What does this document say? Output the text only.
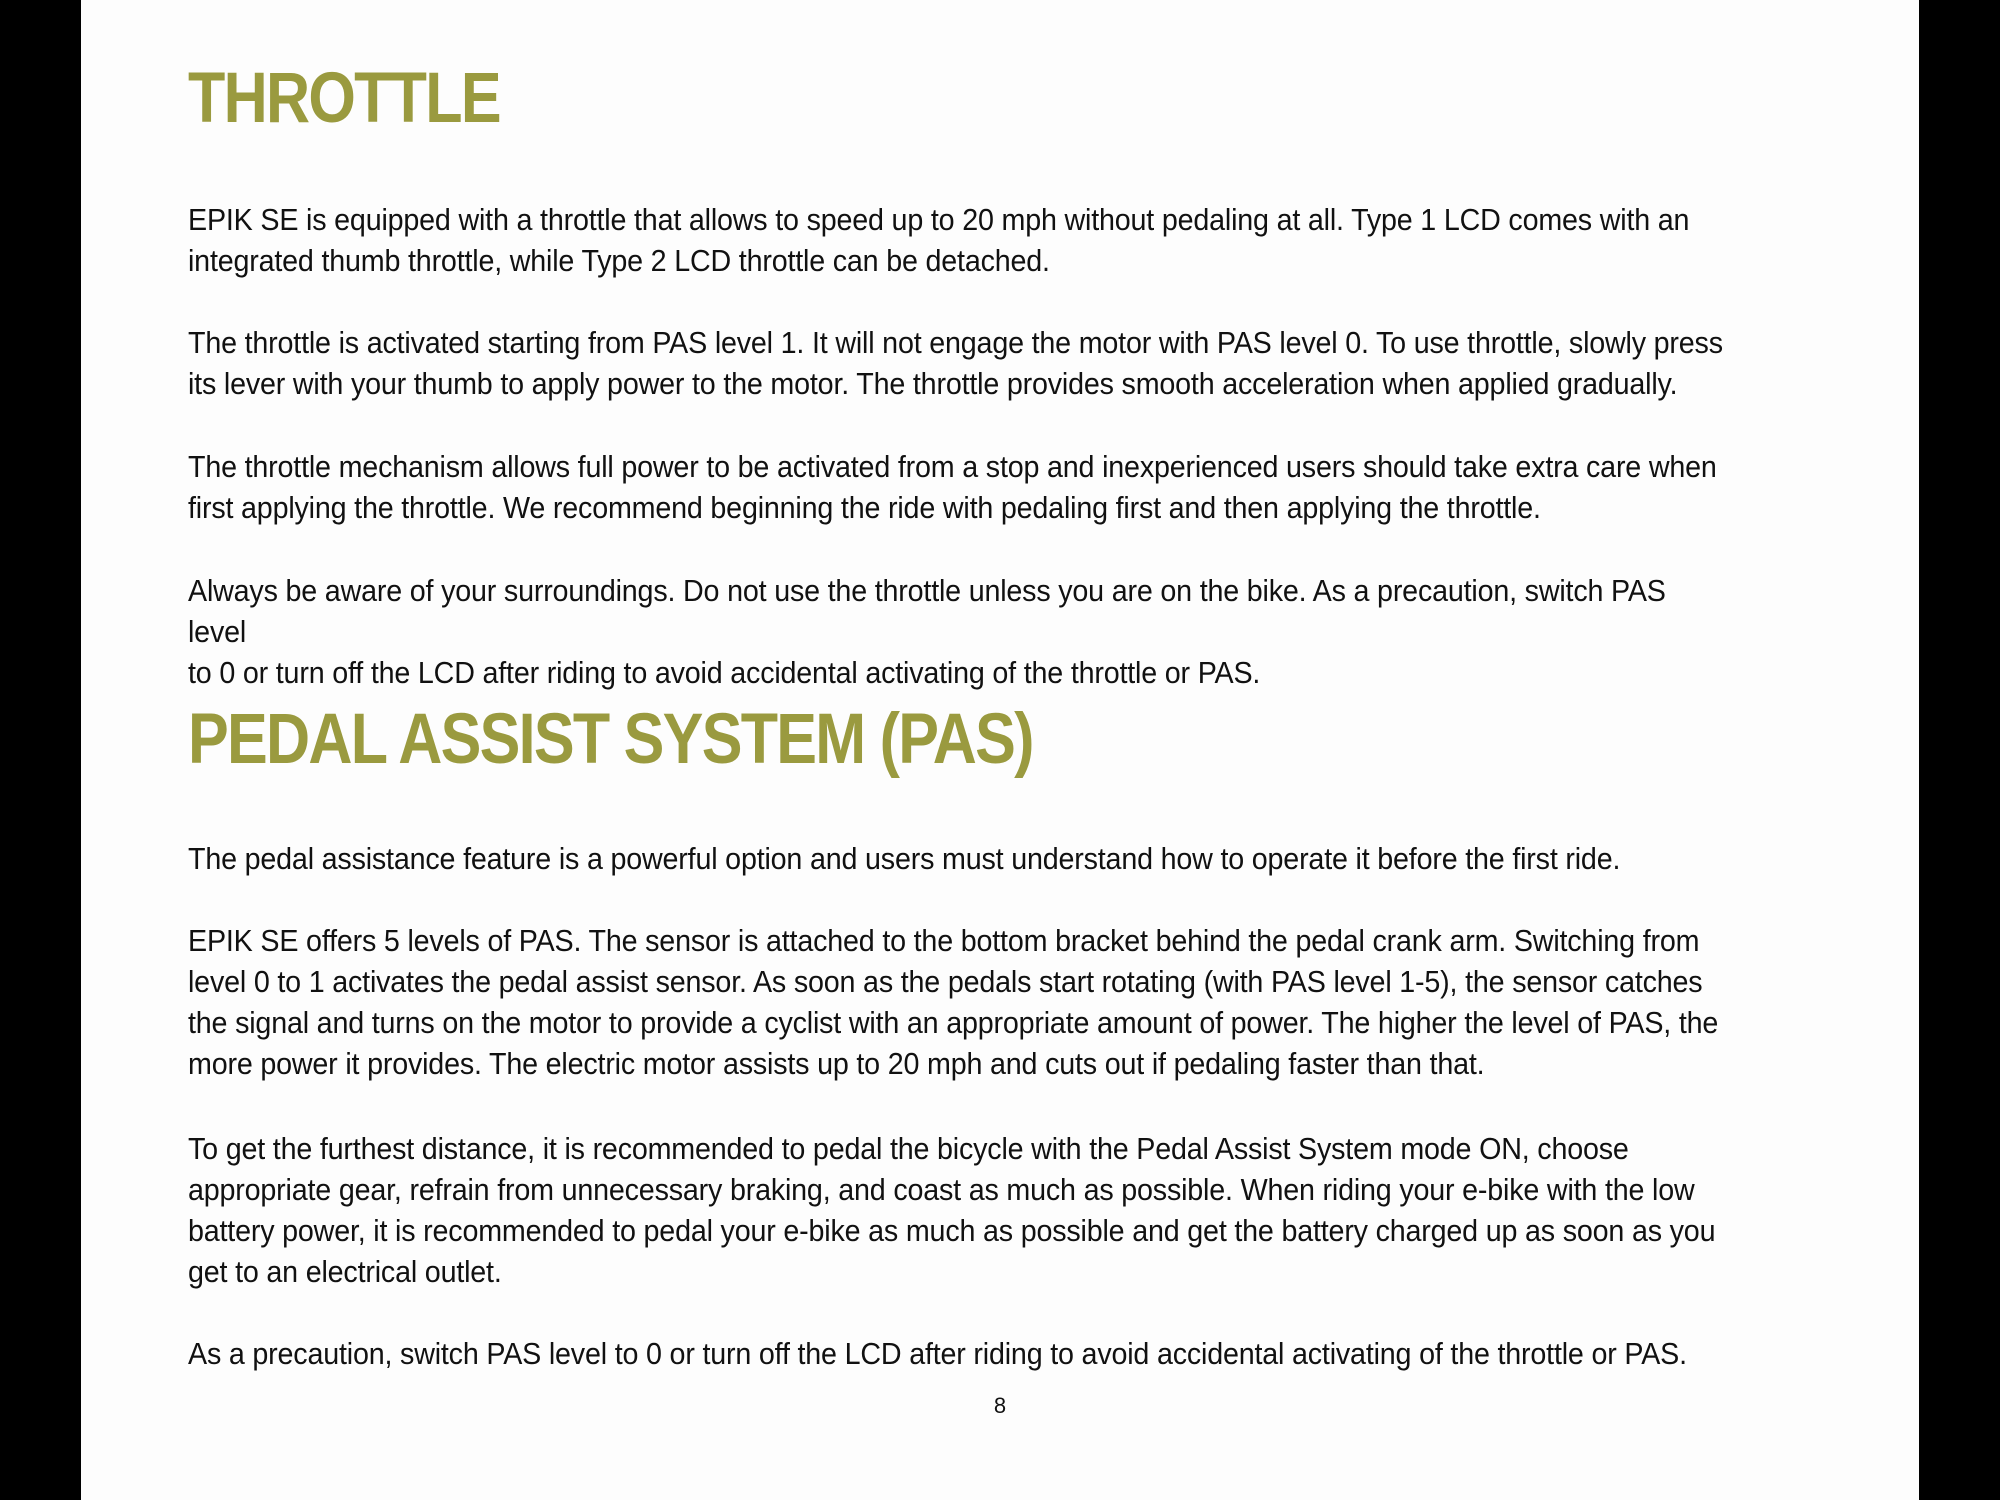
THROTTLE

EPIK SE is equipped with a throttle that allows to speed up to 20 mph without pedaling at all. Type 1 LCD comes with an
integrated thumb throttle, while Type 2 LCD throttle can be detached.

The throttle is activated starting from PAS level 1. It will not engage the motor with PAS level 0. To use throttle, slowly press
its lever with your thumb to apply power to the motor. The throttle provides smooth acceleration when applied gradually.

The throttle mechanism allows full power to be activated from a stop and inexperienced users should take extra care when
first applying the throttle. We recommend beginning the ride with pedaling first and then applying the throttle.

Always be aware of your surroundings. Do not use the throttle unless you are on the bike. As a precaution, switch PAS level
to 0 or turn off the LCD after riding to avoid accidental activating of the throttle or PAS.

PEDAL ASSIST SYSTEM (PAS)

The pedal assistance feature is a powerful option and users must understand how to operate it before the first ride.

EPIK SE offers 5 levels of PAS. The sensor is attached to the bottom bracket behind the pedal crank arm. Switching from
level 0 to 1 activates the pedal assist sensor. As soon as the pedals start rotating (with PAS level 1-5), the sensor catches
the signal and turns on the motor to provide a cyclist with an appropriate amount of power. The higher the level of PAS, the
more power it provides. The electric motor assists up to 20 mph and cuts out if pedaling faster than that.

To get the furthest distance, it is recommended to pedal the bicycle with the Pedal Assist System mode ON, choose
appropriate gear, refrain from unnecessary braking, and coast as much as possible. When riding your e-bike with the low
battery power, it is recommended to pedal your e-bike as much as possible and get the battery charged up as soon as you
get to an electrical outlet.

As a precaution, switch PAS level to 0 or turn off the LCD after riding to avoid accidental activating of the throttle or PAS.

8
